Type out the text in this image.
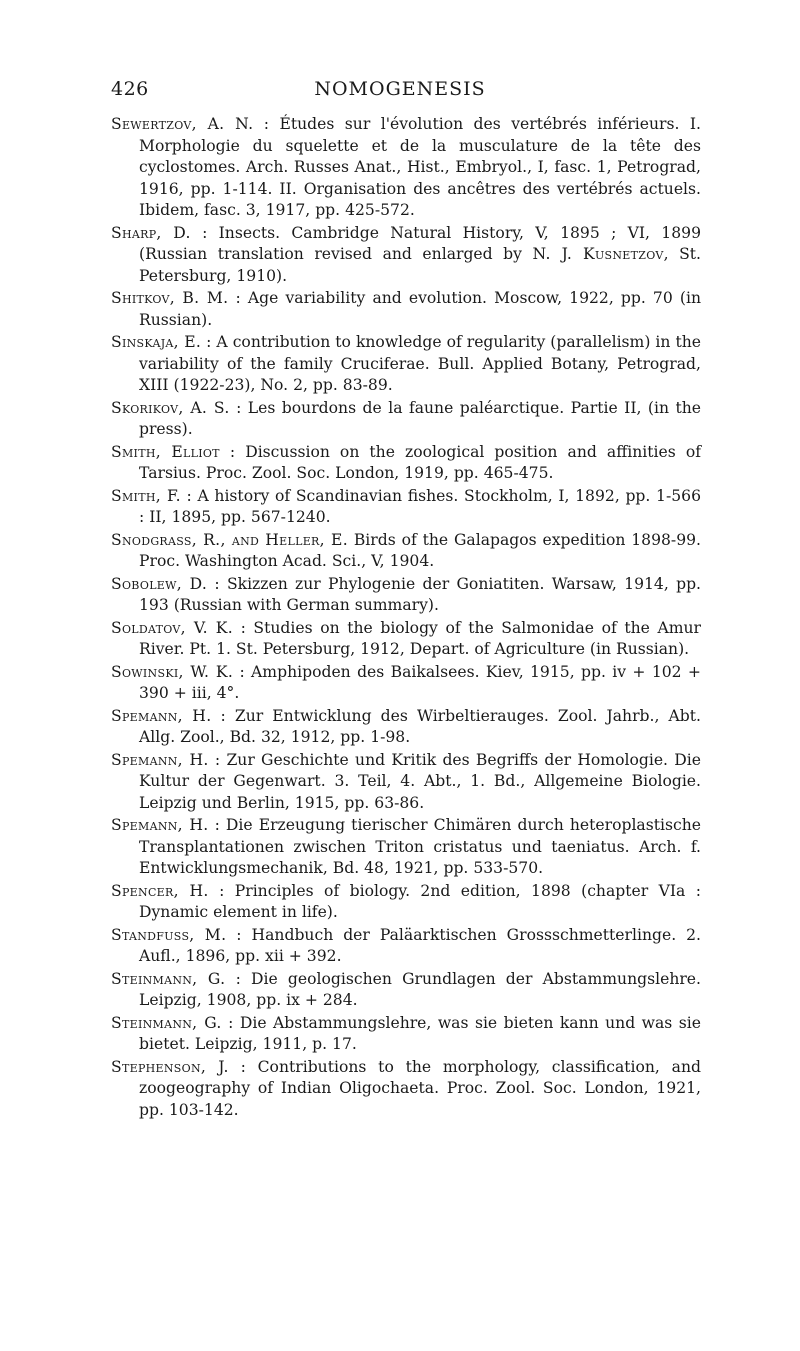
426	NOMOGENESIS

Sewertzov, A. N. : Études sur l'évolution des vertébrés inférieurs. I. Morphologie du squelette et de la musculature de la tête des cyclostomes. Arch. Russes Anat., Hist., Embryol., I, fasc. 1, Petrograd, 1916, pp. 1-114. II. Organisation des ancêtres des vertébrés actuels. Ibidem, fasc. 3, 1917, pp. 425-572.

Sharp, D. : Insects. Cambridge Natural History, V, 1895 ; VI, 1899 (Russian translation revised and enlarged by N. J. Kusnetzov, St. Petersburg, 1910).

Shitkov, B. M. : Age variability and evolution. Moscow, 1922, pp. 70 (in Russian).

Sinskaja, E. : A contribution to knowledge of regularity (parallelism) in the variability of the family Cruciferae. Bull. Applied Botany, Petrograd, XIII (1922-23), No. 2, pp. 83-89.

Skorikov, A. S. : Les bourdons de la faune paléarctique. Partie II, (in the press).

Smith, Elliot : Discussion on the zoological position and affinities of Tarsius. Proc. Zool. Soc. London, 1919, pp. 465-475.

Smith, F. : A history of Scandinavian fishes. Stockholm, I, 1892, pp. 1-566 : II, 1895, pp. 567-1240.

Snodgrass, R., and Heller, E. Birds of the Galapagos expedition 1898-99. Proc. Washington Acad. Sci., V, 1904.

Sobolew, D. : Skizzen zur Phylogenie der Goniatiten. Warsaw, 1914, pp. 193 (Russian with German summary).

Soldatov, V. K. : Studies on the biology of the Salmonidae of the Amur River. Pt. 1. St. Petersburg, 1912, Depart. of Agriculture (in Russian).

Sowinski, W. K. : Amphipoden des Baikalsees. Kiev, 1915, pp. iv + 102 + 390 + iii, 4°.

Spemann, H. : Zur Entwicklung des Wirbeltierauges. Zool. Jahrb., Abt. Allg. Zool., Bd. 32, 1912, pp. 1-98.

Spemann, H. : Zur Geschichte und Kritik des Begriffs der Homologie. Die Kultur der Gegenwart. 3. Teil, 4. Abt., 1. Bd., Allgemeine Biologie. Leipzig und Berlin, 1915, pp. 63-86.

Spemann, H. : Die Erzeugung tierischer Chimären durch heteroplastische Transplantationen zwischen Triton cristatus und taeniatus. Arch. f. Entwicklungsmechanik, Bd. 48, 1921, pp. 533-570.

Spencer, H. : Principles of biology. 2nd edition, 1898 (chapter VIa : Dynamic element in life).

Standfuss, M. : Handbuch der Paläarktischen Grossschmetterlinge. 2. Aufl., 1896, pp. xii + 392.

Steinmann, G. : Die geologischen Grundlagen der Abstammungslehre. Leipzig, 1908, pp. ix + 284.

Steinmann, G. : Die Abstammungslehre, was sie bieten kann und was sie bietet. Leipzig, 1911, p. 17.

Stephenson, J. : Contributions to the morphology, classification, and zoogeography of Indian Oligochaeta. Proc. Zool. Soc. London, 1921, pp. 103-142.
